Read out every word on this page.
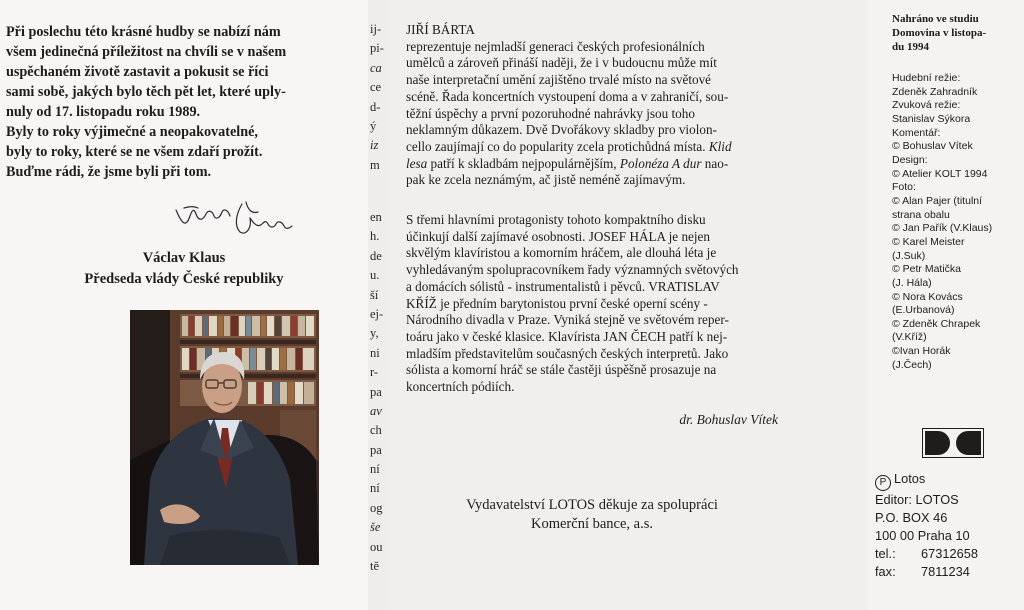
Při poslechu této krásné hudby se nabízí nám
všem jedinečná příležitost na chvíli se v našem
uspěchaném životě zastavit a pokusit se říci
sami sobě, jakých bylo těch pět let, které uply-
nuly od 17. listopadu roku 1989.
Byly to roky výjimečné a neopakovatelné,
byly to roky, které se ne všem zdaří prožít.
Buďme rádi, že jsme byli při tom.

Václav Klaus
Předseda vlády České republiky
ij-
pi-
ca
ce
d-
ý
iz
m
en
h.
de
u.
ší
ej-
y,
ni
r-
pa
av
ch
pa
ní
ní
og
še
ou
tě

JIŘÍ BÁRTA
reprezentuje nejmladší generaci českých profesionálních
umělců a zároveň přináší naději, že i v budoucnu může mít
naše interpretační umění zajištěno trvalé místo na světové
scéně. Řada koncertních vystoupení doma a v zahraničí, sou-
těžní úspěchy a první pozoruhodné nahrávky jsou toho
neklamným důkazem. Dvě Dvořákovy skladby pro violon-
cello zaujímají co do popularity zcela protichůdná místa. Klid
lesa patří k skladbám nejpopulárnějším, Polonéza A dur nao-
pak ke zcela neznámým, ač jistě neméně zajímavým.

S třemi hlavními protagonisty tohoto kompaktního disku
účinkují další zajímavé osobnosti. JOSEF HÁLA je nejen
skvělým klavíristou a komorním hráčem, ale dlouhá léta je
vyhledávaným spolupracovníkem řady významných světových
a domácích sólistů - instrumentalistů i pěvců. VRATISLAV
KŘÍŽ je předním barytonistou první české operní scény -
Národního divadla v Praze. Vyniká stejně ve světovém reper-
toáru jako v české klasice. Klavírista JAN ČECH patří k nej-
mladším představitelům současných českých interpretů. Jako
sólista a komorní hráč se stále častěji úspěšně prosazuje na
koncertních pódiích.

dr. Bohuslav Vítek
Vydavatelství LOTOS děkuje za spolupráci
Komerční bance, a.s.
Nahráno ve studiu
Domovina v listopa-
du 1994
Hudební režie:
Zdeněk Zahradník
Zvuková režie:
Stanislav Sýkora
Komentář:
© Bohuslav Vítek
Design:
© Atelier KOLT 1994
Foto:
© Alan Pajer (titulní
strana obalu
© Jan Pařík (V.Klaus)
© Karel Meister
(J.Suk)
© Petr Matička
(J. Hála)
© Nora Kovács
(E.Urbanová)
© Zdeněk Chrapek
(V.Kříž)
©Ivan Horák
(J.Čech)
P Lotos
Editor: LOTOS
P.O. BOX 46
100 00 Praha 10
tel.: 67312658
fax: 7811234
